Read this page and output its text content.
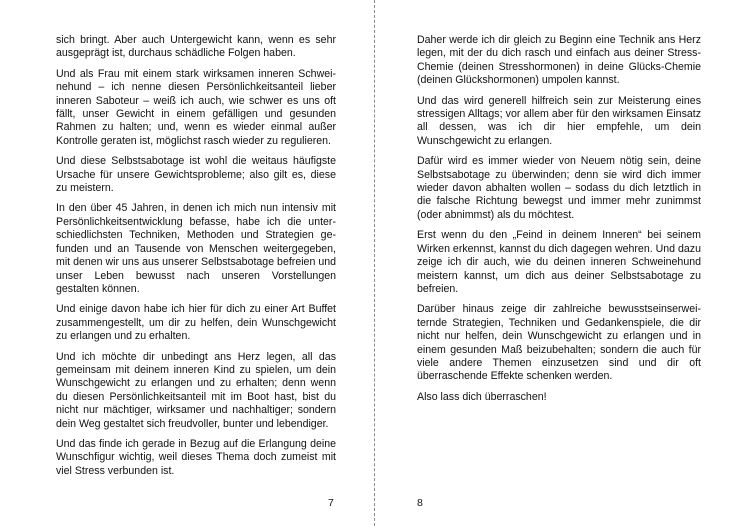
sich bringt. Aber auch Untergewicht kann, wenn es sehr ausgeprägt ist, durchaus schädliche Folgen haben.

Und als Frau mit einem stark wirksamen inneren Schweinehund – ich nenne diesen Persönlichkeitsanteil lieber inneren Saboteur – weiß ich auch, wie schwer es uns oft fällt, unser Gewicht in einem gefälligen und gesunden Rahmen zu halten; und, wenn es wieder einmal außer Kontrolle geraten ist, möglichst rasch wieder zu regulieren.

Und diese Selbstsabotage ist wohl die weitaus häufigste Ursache für unsere Gewichtsprobleme; also gilt es, diese zu meistern.

In den über 45 Jahren, in denen ich mich nun intensiv mit Persönlichkeitsentwicklung befasse, habe ich die unterschiedlichsten Techniken, Methoden und Strategien gefunden und an Tausende von Menschen weitergegeben, mit denen wir uns aus unserer Selbstsabotage befreien und unser Leben bewusst nach unseren Vorstellungen gestalten können.

Und einige davon habe ich hier für dich zu einer Art Buffet zusammengestellt, um dir zu helfen, dein Wunschgewicht zu erlangen und zu erhalten.

Und ich möchte dir unbedingt ans Herz legen, all das gemeinsam mit deinem inneren Kind zu spielen, um dein Wunschgewicht zu erlangen und zu erhalten; denn wenn du diesen Persönlichkeitsanteil mit im Boot hast, bist du nicht nur mächtiger, wirksamer und nachhaltiger; sondern dein Weg gestaltet sich freudvoller, bunter und lebendiger.

Und das finde ich gerade in Bezug auf die Erlangung deine Wunschfigur wichtig, weil dieses Thema doch zumeist mit viel Stress verbunden ist.

7

Daher werde ich dir gleich zu Beginn eine Technik ans Herz legen, mit der du dich rasch und einfach aus deiner Stress-Chemie (deinen Stresshormonen) in deine Glücks-Chemie (deinen Glückshormonen) umpolen kannst.

Und das wird generell hilfreich sein zur Meisterung eines stressigen Alltags; vor allem aber für den wirksamen Einsatz all dessen, was ich dir hier empfehle, um dein Wunschgewicht zu erlangen.

Dafür wird es immer wieder von Neuem nötig sein, deine Selbstsabotage zu überwinden; denn sie wird dich immer wieder davon abhalten wollen – sodass du dich letztlich in die falsche Richtung bewegst und immer mehr zunimmst (oder abnimmst) als du möchtest.

Erst wenn du den „Feind in deinem Inneren“ bei seinem Wirken erkennst, kannst du dich dagegen wehren. Und dazu zeige ich dir auch, wie du deinen inneren Schweinehund meistern kannst, um dich aus deiner Selbstsabotage zu befreien.

Darüber hinaus zeige dir zahlreiche bewusstseinserweiternde Strategien, Techniken und Gedankenspiele, die dir nicht nur helfen, dein Wunschgewicht zu erlangen und in einem gesunden Maß beizubehalten; sondern die auch für viele andere Themen einzusetzen sind und dir oft überraschende Effekte schenken werden.

Also lass dich überraschen!

8
